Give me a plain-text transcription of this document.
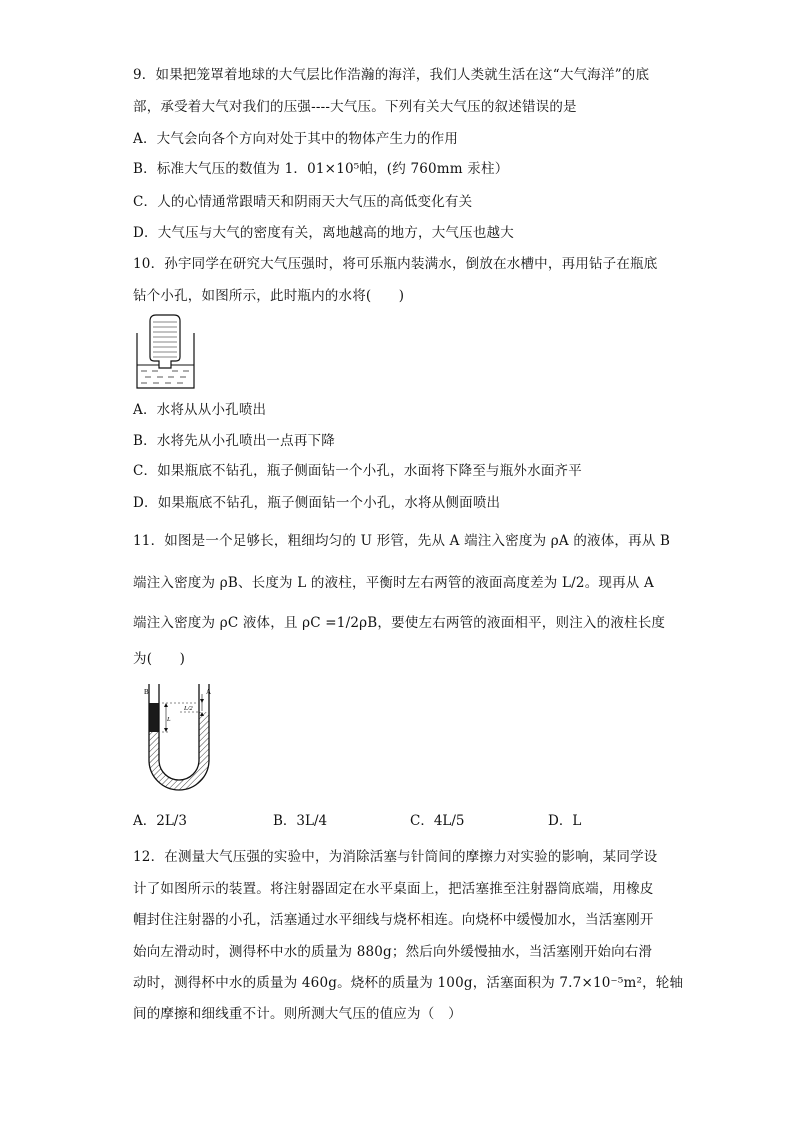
9．如果把笼罩着地球的大气层比作浩瀚的海洋，我们人类就生活在这“大气海洋”的底
部，承受着大气对我们的压强----大气压。下列有关大气压的叙述错误的是
A．大气会向各个方向对处于其中的物体产生力的作用
B．标准大气压的数值为 1．01×10⁵帕，(约 760mm 汞柱）
C．人的心情通常跟晴天和阴雨天大气压的高低变化有关
D．大气压与大气的密度有关，离地越高的地方，大气压也越大
10．孙宇同学在研究大气压强时，将可乐瓶内装满水，倒放在水槽中，再用钻子在瓶底
钻个小孔，如图所示，此时瓶内的水将(　　)
A．水将从从小孔喷出
B．水将先从小孔喷出一点再下降
C．如果瓶底不钻孔，瓶子侧面钻一个小孔，水面将下降至与瓶外水面齐平
D．如果瓶底不钻孔，瓶子侧面钻一个小孔，水将从侧面喷出
11．如图是一个足够长，粗细均匀的 U 形管，先从 A 端注入密度为 ρA 的液体，再从 B
端注入密度为 ρB、长度为 L 的液柱，平衡时左右两管的液面高度差为 L/2。现再从 A
端注入密度为 ρC 液体，且 ρC =1/2ρB，要使左右两管的液面相平，则注入的液柱长度
为(　　)
B	A
L/2
L
A．2L/3	B．3L/4	C．4L/5	D．L
12．在测量大气压强的实验中，为消除活塞与针筒间的摩擦力对实验的影响，某同学设
计了如图所示的装置。将注射器固定在水平桌面上，把活塞推至注射器筒底端，用橡皮
帽封住注射器的小孔，活塞通过水平细线与烧杯相连。向烧杯中缓慢加水，当活塞刚开
始向左滑动时，测得杯中水的质量为 880g；然后向外缓慢抽水，当活塞刚开始向右滑
动时，测得杯中水的质量为 460g。烧杯的质量为 100g，活塞面积为 7.7×10⁻⁵m²，轮轴
间的摩擦和细线重不计。则所测大气压的值应为（　）
